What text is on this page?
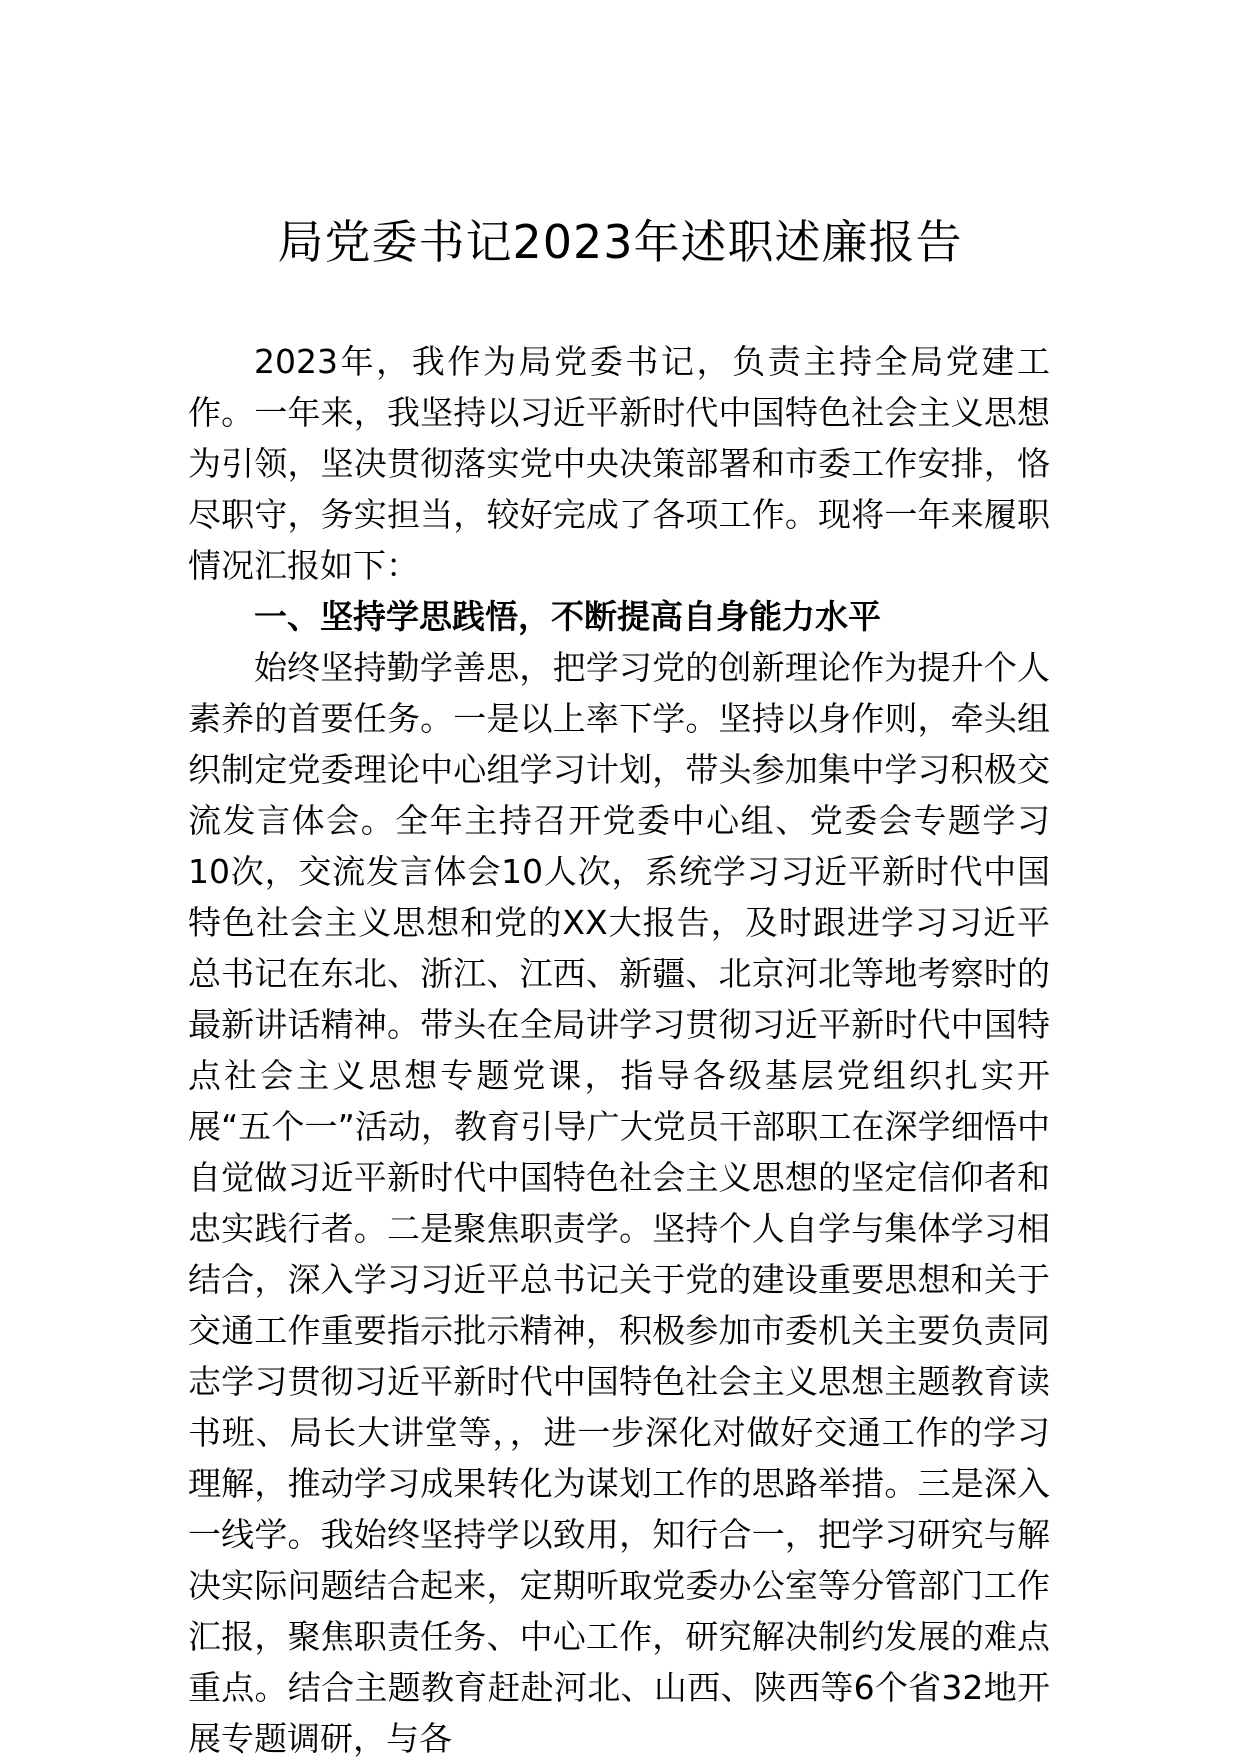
局党委书记2023年述职述廉报告

2023年，我作为局党委书记，负责主持全局党建工作。一年来，我坚持以习近平新时代中国特色社会主义思想为引领，坚决贯彻落实党中央决策部署和市委工作安排，恪尽职守，务实担当，较好完成了各项工作。现将一年来履职情况汇报如下：

一、坚持学思践悟，不断提高自身能力水平

始终坚持勤学善思，把学习党的创新理论作为提升个人素养的首要任务。一是以上率下学。坚持以身作则，牵头组织制定党委理论中心组学习计划，带头参加集中学习积极交流发言体会。全年主持召开党委中心组、党委会专题学习10次，交流发言体会10人次，系统学习习近平新时代中国特色社会主义思想和党的XX大报告，及时跟进学习习近平总书记在东北、浙江、江西、新疆、北京河北等地考察时的最新讲话精神。带头在全局讲学习贯彻习近平新时代中国特点社会主义思想专题党课，指导各级基层党组织扎实开展“五个一”活动，教育引导广大党员干部职工在深学细悟中自觉做习近平新时代中国特色社会主义思想的坚定信仰者和忠实践行者。二是聚焦职责学。坚持个人自学与集体学习相结合，深入学习习近平总书记关于党的建设重要思想和关于交通工作重要指示批示精神，积极参加市委机关主要负责同志学习贯彻习近平新时代中国特色社会主义思想主题教育读书班、局长大讲堂等，，进一步深化对做好交通工作的学习理解，推动学习成果转化为谋划工作的思路举措。三是深入一线学。我始终坚持学以致用，知行合一，把学习研究与解决实际问题结合起来，定期听取党委办公室等分管部门工作汇报，聚焦职责任务、中心工作，研究解决制约发展的难点重点。结合主题教育赶赴河北、山西、陕西等6个省32地开展专题调研，与各
